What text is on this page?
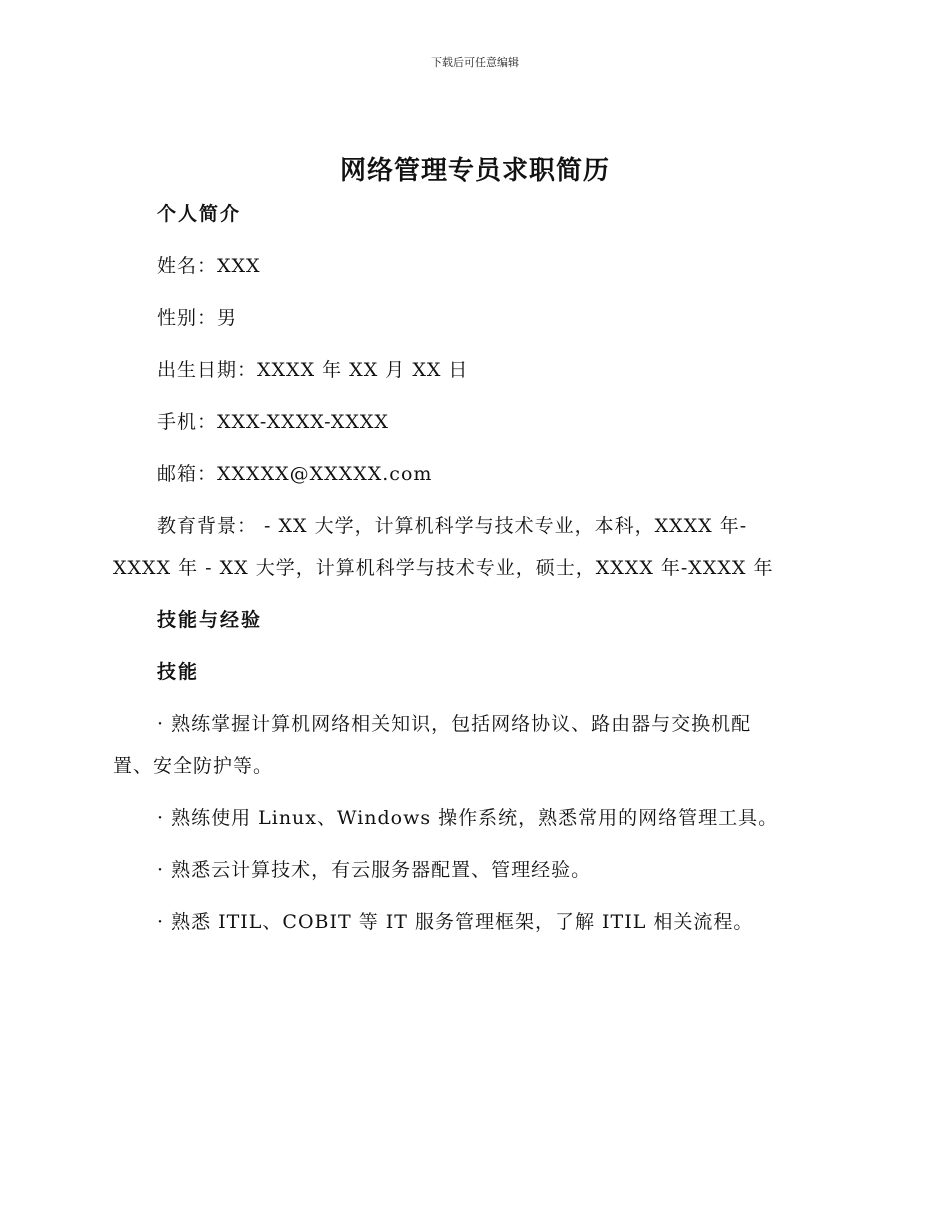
下载后可任意编辑
网络管理专员求职简历
个人简介
姓名：XXX
性别：男
出生日期：XXXX 年 XX 月 XX 日
手机：XXX-XXXX-XXXX
邮箱：XXXXX@XXXXX.com
教育背景： - XX 大学，计算机科学与技术专业，本科，XXXX 年-
XXXX 年 - XX 大学，计算机科学与技术专业，硕士，XXXX 年-XXXX 年
技能与经验
技能
· 熟练掌握计算机网络相关知识，包括网络协议、路由器与交换机配
置、安全防护等。
· 熟练使用 Linux、Windows 操作系统，熟悉常用的网络管理工具。
· 熟悉云计算技术，有云服务器配置、管理经验。
· 熟悉 ITIL、COBIT 等 IT 服务管理框架，了解 ITIL 相关流程。
